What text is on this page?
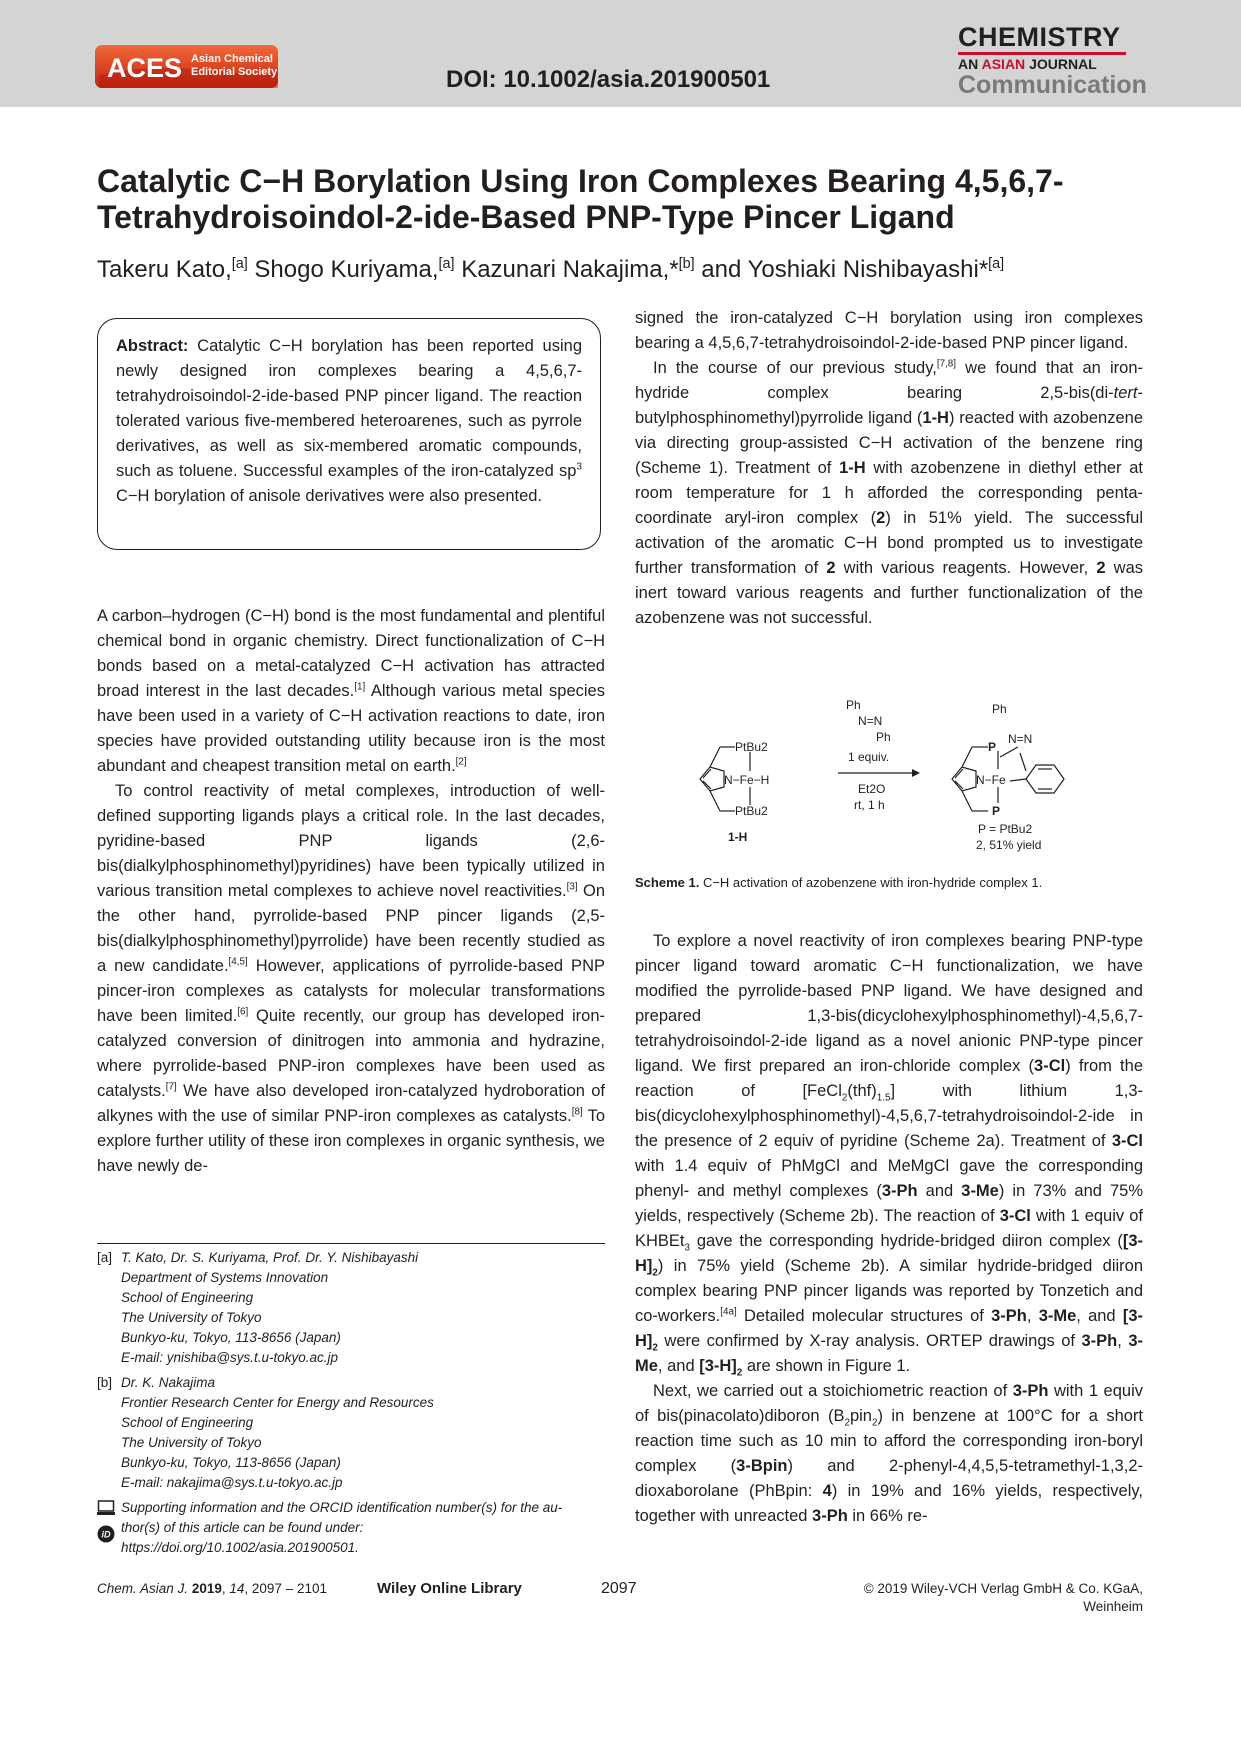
ACES Asian Chemical
Editorial Society	DOI: 10.1002/asia.201900501
CHEMISTRY
AN ASIAN JOURNAL
Communication
Catalytic C−H Borylation Using Iron Complexes Bearing 4,5,6,7-Tetrahydroisoindol-2-ide-Based PNP-Type Pincer Ligand
Takeru Kato,[a] Shogo Kuriyama,[a] Kazunari Nakajima,*[b] and Yoshiaki Nishibayashi*[a]

Abstract: Catalytic C−H borylation has been reported using newly designed iron complexes bearing a 4,5,6,7-tetrahydroisoindol-2-ide-based PNP pincer ligand. The reaction tolerated various five-membered heteroarenes, such as pyrrole derivatives, as well as six-membered aromatic compounds, such as toluene. Successful examples of the iron-catalyzed $sp^3$ C−H borylation of anisole derivatives were also presented.

A carbon–hydrogen (C−H) bond is the most fundamental and plentiful chemical bond in organic chemistry. Direct functionalization of C−H bonds based on a metal-catalyzed C−H activation has attracted broad interest in the last decades.[1] Although various metal species have been used in a variety of C−H activation reactions to date, iron species have provided outstanding utility because iron is the most abundant and cheapest transition metal on earth.[2]

To control reactivity of metal complexes, introduction of well-defined supporting ligands plays a critical role. In the last decades, pyridine-based PNP ligands (2,6-bis(dialkylphosphinomethyl)pyridines) have been typically utilized in various transition metal complexes to achieve novel reactivities.[3] On the other hand, pyrrolide-based PNP pincer ligands (2,5-bis(dialkylphosphinomethyl)pyrrolide) have been recently studied as a new candidate.[4,5] However, applications of pyrrolide-based PNP pincer-iron complexes as catalysts for molecular transformations have been limited.[6] Quite recently, our group has developed iron-catalyzed conversion of dinitrogen into ammonia and hydrazine, where pyrrolide-based PNP-iron complexes have been used as catalysts.[7] We have also developed iron-catalyzed hydroboration of alkynes with the use of similar PNP-iron complexes as catalysts.[8] To explore further utility of these iron complexes in organic synthesis, we have newly de-

[a] T. Kato, Dr. S. Kuriyama, Prof. Dr. Y. Nishibayashi
Department of Systems Innovation
School of Engineering
The University of Tokyo
Bunkyo-ku, Tokyo, 113-8656 (Japan)
E-mail: ynishiba@sys.t.u-tokyo.ac.jp
[b] Dr. K. Nakajima
Frontier Research Center for Energy and Resources
School of Engineering
The University of Tokyo
Bunkyo-ku, Tokyo, 113-8656 (Japan)
E-mail: nakajima@sys.t.u-tokyo.ac.jp

iD
Supporting information and the ORCID identification number(s) for the au-
thor(s) of this article can be found under:
https://doi.org/10.1002/asia.201900501.

signed the iron-catalyzed C−H borylation using iron complexes bearing a 4,5,6,7-tetrahydroisoindol-2-ide-based PNP pincer ligand.

In the course of our previous study,[7,8] we found that an iron-hydride complex bearing 2,5-bis(di-tert-butylphosphinomethyl)pyrrolide ligand (1-H) reacted with azobenzene via directing group-assisted C−H activation of the benzene ring (Scheme 1). Treatment of 1-H with azobenzene in diethyl ether at room temperature for 1 h afforded the corresponding penta-coordinate aryl-iron complex (2) in 51% yield. The successful activation of the aromatic C−H bond prompted us to investigate further transformation of 2 with various reagents. However, 2 was inert toward various reagents and further functionalization of the azobenzene was not successful.

PtBu2
N−Fe−H
PtBu2
1-H
Ph
N=N
Ph
1 equiv.
Et2O
rt, 1 h
Ph
P
N=N
N−Fe
P
P = PtBu2
2, 51% yield
Scheme 1. C−H activation of azobenzene with iron-hydride complex 1.

To explore a novel reactivity of iron complexes bearing PNP-type pincer ligand toward aromatic C−H functionalization, we have modified the pyrrolide-based PNP ligand. We have designed and prepared 1,3-bis(dicyclohexylphosphinomethyl)-4,5,6,7-tetrahydroisoindol-2-ide ligand as a novel anionic PNP-type pincer ligand. We first prepared an iron-chloride complex (3-Cl) from the reaction of $[FeCl_2(thf)_{1.5}]$ with lithium 1,3-bis(dicyclohexylphosphinomethyl)-4,5,6,7-tetrahydroisoindol-2-ide in the presence of 2 equiv of pyridine (Scheme 2a). Treatment of 3-Cl with 1.4 equiv of PhMgCl and MeMgCl gave the corresponding phenyl- and methyl complexes (3-Ph and 3-Me) in 73% and 75% yields, respectively (Scheme 2b). The reaction of 3-Cl with 1 equiv of KHBEt$_3$ gave the corresponding hydride-bridged diiron complex $([3-H]_2)$ in 75% yield (Scheme 2b). A similar hydride-bridged diiron complex bearing PNP pincer ligands was reported by Tonzetich and co-workers.[4a] Detailed molecular structures of 3-Ph, 3-Me, and $[3-H]_2$ were confirmed by X-ray analysis. ORTEP drawings of 3-Ph, 3-Me, and $[3-H]_2$ are shown in Figure 1.

Next, we carried out a stoichiometric reaction of 3-Ph with 1 equiv of bis(pinacolato)diboron $(B_2pin_2)$ in benzene at 100°C for a short reaction time such as 10 min to afford the corresponding iron-boryl complex (3-Bpin) and 2-phenyl-4,4,5,5-tetramethyl-1,3,2-dioxaborolane (PhBpin: 4) in 19% and 16% yields, respectively, together with unreacted 3-Ph in 66% re-

Chem. Asian J. 2019, 14, 2097 – 2101	Wiley Online Library	2097	© 2019 Wiley-VCH Verlag GmbH & Co. KGaA, Weinheim
